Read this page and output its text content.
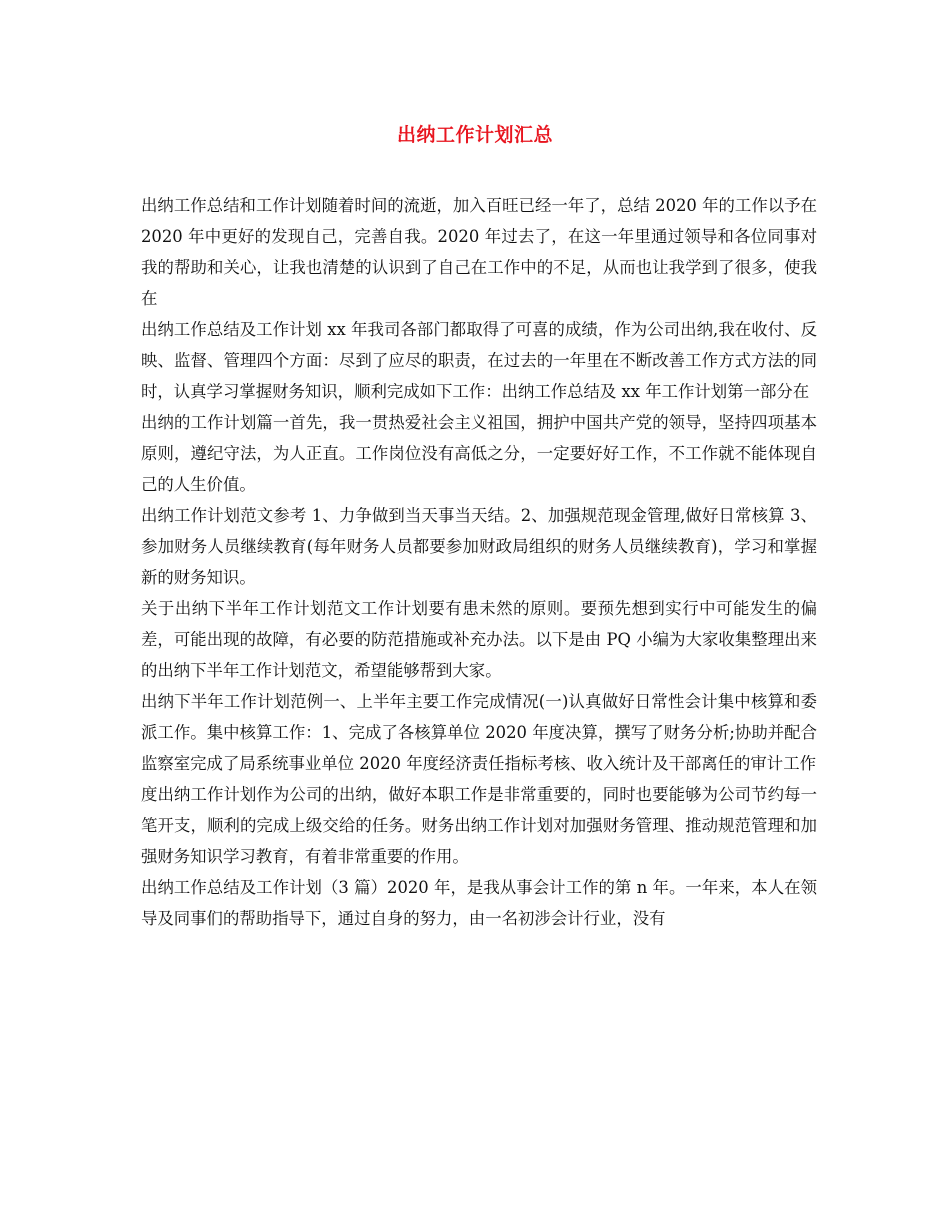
出纳工作计划汇总

出纳工作总结和工作计划随着时间的流逝，加入百旺已经一年了，总结 2020 年的工作以予在 2020 年中更好的发现自己，完善自我。2020 年过去了，在这一年里通过领导和各位同事对我的帮助和关心，让我也清楚的认识到了自己在工作中的不足，从而也让我学到了很多，使我在

出纳工作总结及工作计划 xx 年我司各部门都取得了可喜的成绩，作为公司出纳,我在收付、反映、监督、管理四个方面：尽到了应尽的职责，在过去的一年里在不断改善工作方式方法的同时，认真学习掌握财务知识，顺利完成如下工作：出纳工作总结及 xx 年工作计划第一部分在

出纳的工作计划篇一首先，我一贯热爱社会主义祖国，拥护中国共产党的领导，坚持四项基本原则，遵纪守法，为人正直。工作岗位没有高低之分，一定要好好工作，不工作就不能体现自己的人生价值。

出纳工作计划范文参考 1、力争做到当天事当天结。2、加强规范现金管理,做好日常核算 3、参加财务人员继续教育(每年财务人员都要参加财政局组织的财务人员继续教育)，学习和掌握新的财务知识。

关于出纳下半年工作计划范文工作计划要有患未然的原则。要预先想到实行中可能发生的偏差，可能出现的故障，有必要的防范措施或补充办法。以下是由 PQ 小编为大家收集整理出来的出纳下半年工作计划范文，希望能够帮到大家。

出纳下半年工作计划范例一、上半年主要工作完成情况(一)认真做好日常性会计集中核算和委派工作。集中核算工作：1、完成了各核算单位 2020 年度决算，撰写了财务分析;协助并配合监察室完成了局系统事业单位 2020 年度经济责任指标考核、收入统计及干部离任的审计工作

度出纳工作计划作为公司的出纳，做好本职工作是非常重要的，同时也要能够为公司节约每一笔开支，顺利的完成上级交给的任务。财务出纳工作计划对加强财务管理、推动规范管理和加强财务知识学习教育，有着非常重要的作用。

出纳工作总结及工作计划（3 篇）2020 年，是我从事会计工作的第 n 年。一年来，本人在领导及同事们的帮助指导下，通过自身的努力，由一名初涉会计行业，没有
